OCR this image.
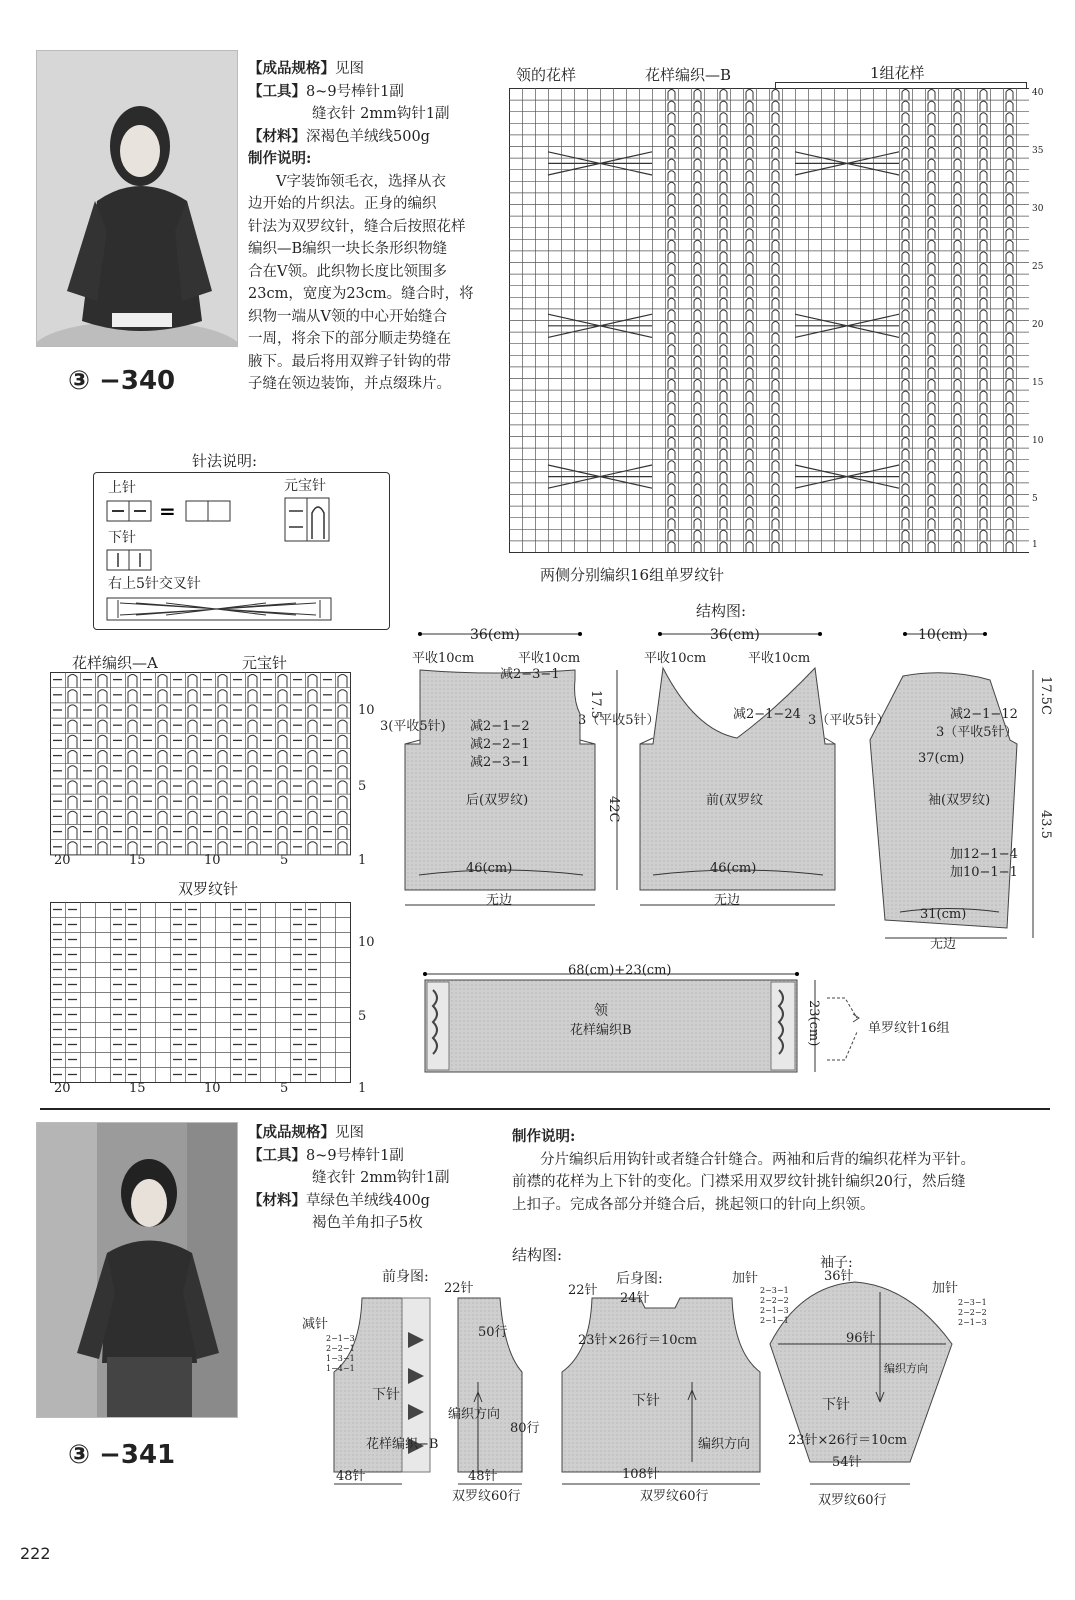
③ −340

【成品规格】见图

【工具】8~9号棒针1副

缝衣针 2mm钩针1副

【材料】深褐色羊绒线500g

制作说明:

V字装饰领毛衣，选择从衣

边开始的片织法。正身的编织

针法为双罗纹针，缝合后按照花样

编织—B编织一块长条形织物缝

合在V领。此织物长度比领围多

23cm，宽度为23cm。缝合时，将

织物一端从V领的中心开始缝合

一周，将余下的部分顺走势缝在

腋下。最后将用双辫子针钩的带

子缝在领边装饰，并点缀珠片。

领的花样	花样编织—B	1组花样
40
35
30
25
20
15
10
5
1
两侧分别编织16组单罗纹针
针法说明:
上针
=
元宝针
下针
右上5针交叉针
花样编织—A	元宝针
10
5
1
20	15	10	5
双罗纹针
10
5
1
20	15	10	5
结构图:
36(cm)
平收10cm	平收10cm
减2−3−1
3(平收5针) 减2−1−2
减2−2−1
减2−3−1
3（平收5针）
17.5
42C
后(双罗纹)
46(cm)
无边
36(cm)
平收10cm	平收10cm
减2−1−24 3（平收5针）
前(双罗纹
46(cm)
无边
10(cm)
减2−1−12
3（平收5针）
37(cm)
17.5C
43.5
袖(双罗纹)
加12−1−4
加10−1−1
31(cm)
无边
68(cm)+23(cm)
领
花样编织B	23(cm)	单罗纹针16组
③ −341

【成品规格】见图

【工具】8~9号棒针1副

缝衣针 2mm钩针1副

【材料】草绿色羊绒线400g

褐色羊角扣子5枚

制作说明:

分片编织后用钩针或者缝合针缝合。两袖和后背的编织花样为平针。

前襟的花样为上下针的变化。门襟采用双罗纹针挑针编织20行，然后缝

上扣子。完成各部分并缝合后，挑起领口的针向上织领。

结构图:
前身图:
22针
减针
2−1−3
2−2−1
1−3−1
1−4−1
50行
下针
花样编织−B
编织方向
80行
48针	48针
双罗纹60行
后身图:
22针
24针
23针×26行＝10cm
下针
编织方向
108针
双罗纹60行
袖子:
36针
加针
加针
2−3−1
2−2−2
2−1−3
2−1−1
2−3−1
2−2−2
2−1−3
96针
编织方向
下针
23针×26行＝10cm
54针
双罗纹60行
222
